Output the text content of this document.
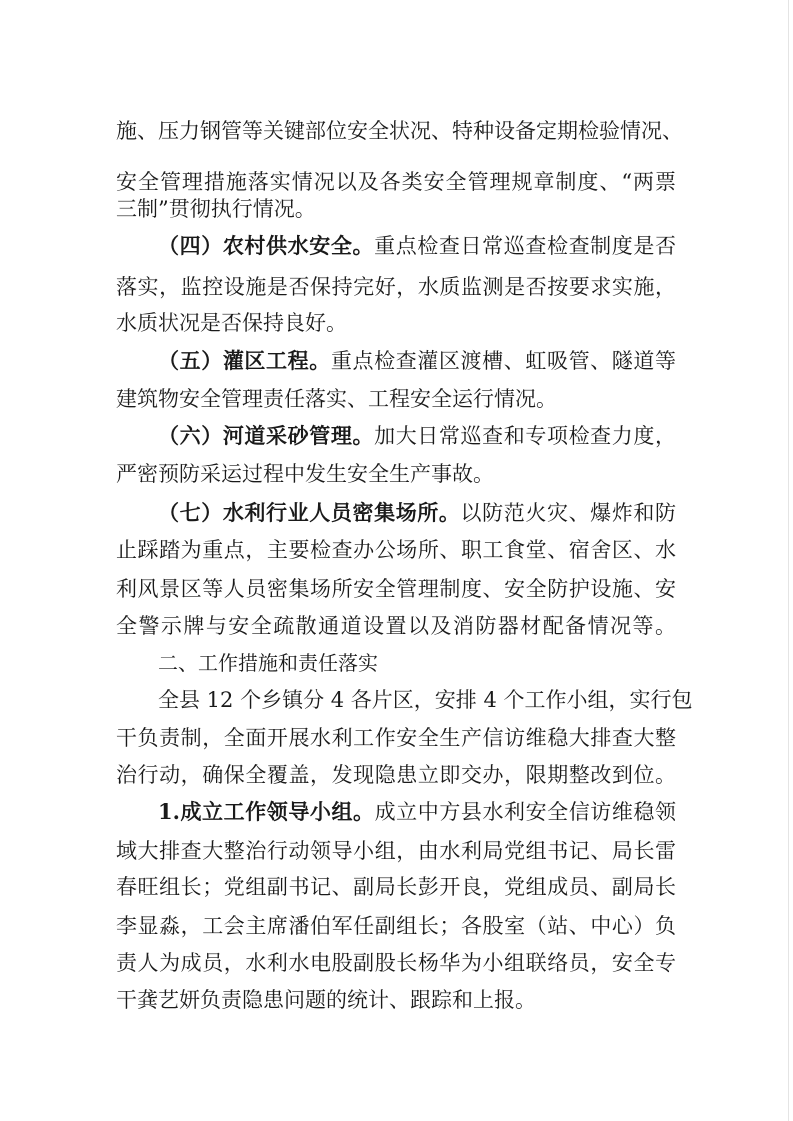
施、压力钢管等关键部位安全状况、特种设备定期检验情况、
安全管理措施落实情况以及各类安全管理规章制度、“两票
三制”贯彻执行情况。
（四）农村供水安全。重点检查日常巡查检查制度是否
落实，监控设施是否保持完好，水质监测是否按要求实施，
水质状况是否保持良好。
（五）灌区工程。重点检查灌区渡槽、虹吸管、隧道等
建筑物安全管理责任落实、工程安全运行情况。
（六）河道采砂管理。加大日常巡查和专项检查力度，
严密预防采运过程中发生安全生产事故。
（七）水利行业人员密集场所。以防范火灾、爆炸和防
止踩踏为重点，主要检查办公场所、职工食堂、宿舍区、水
利风景区等人员密集场所安全管理制度、安全防护设施、安
全警示牌与安全疏散通道设置以及消防器材配备情况等。
二、工作措施和责任落实
全县 12 个乡镇分 4 各片区，安排 4 个工作小组，实行包
干负责制，全面开展水利工作安全生产信访维稳大排查大整
治行动，确保全覆盖，发现隐患立即交办，限期整改到位。
1.成立工作领导小组。成立中方县水利安全信访维稳领
域大排查大整治行动领导小组，由水利局党组书记、局长雷
春旺组长；党组副书记、副局长彭开良，党组成员、副局长
李显淼，工会主席潘伯军任副组长；各股室（站、中心）负
责人为成员，水利水电股副股长杨华为小组联络员，安全专
干龚艺妍负责隐患问题的统计、跟踪和上报。
